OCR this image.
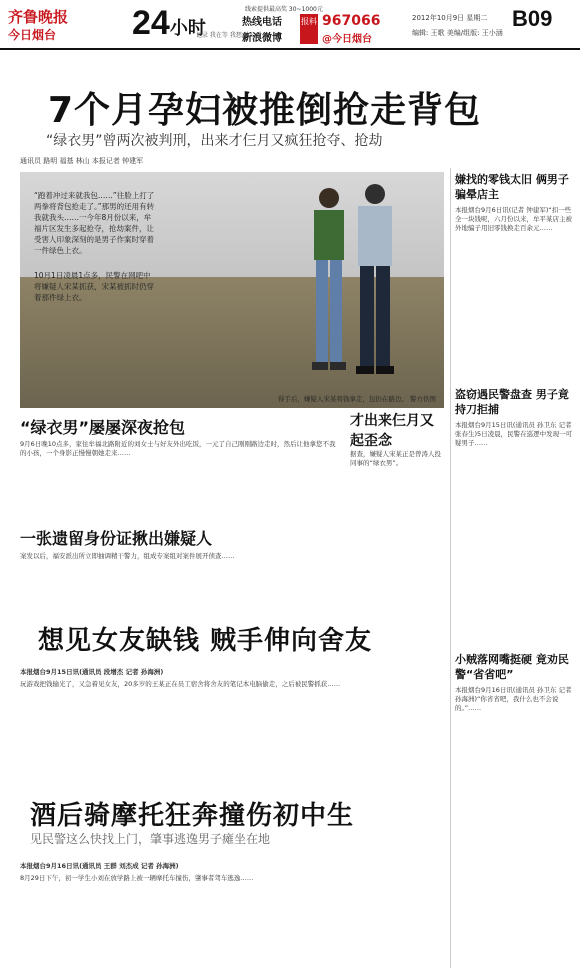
齐鲁晚报
今日烟台 24小时
记录 我在等 我想 放心看
线索提供最高奖 30~1000元
热线电话
新浪微博
报料 967066
@今日烟台
2012年10月9日 星期二
编辑: 王歌 美编/组版: 王小涵
B09
7个月孕妇被推倒抢走背包
“绿衣男”曾两次被判刑，出来才仨月又疯狂抢夺、抢劫
通讯员 路明 福基 林山 本报记者 钟建军
“跑着冲过来就我包……”往脸上打了两拳将背包抢走了。”那男的还用有转我就我头……一今年8月份以来，牟福片区发生多起抢夺，抢劫案件，让受害人印象深刻的是男子作案时穿着一件绿色上衣。
10月1日凌晨1点多，民警在网吧中将嫌疑人宋某抓获，宋某被抓时仍穿着那件绿上衣。
得手后，嫌疑人宋某将钱拿走，包扔在路边。 警方供图
嫌找的零钱太旧 俩男子骗晕店主
本报烟台9月6日讯(记者 钟建军)“扣一些全一块钱呢，六月份以来，牟平某店主被外地骗子用旧零钱换走百余元……
盗窃遇民警盘查 男子竟持刀拒捕
本报烟台9月15日讯(通讯员 孙卫东 记者 张春生)5日凌晨，民警在巡逻中发现一可疑男子……
小贼落网嘴挺硬 竟劝民警“省省吧”
本报烟台9月16日讯(通讯员 孙卫东 记者 孙海洲)“你省省吧，我什么也不会说的。”……
“绿衣男”屡屡深夜抢包
9月6日晚10点多，家住牟福北路附近的刘女士与好友外出吃饭，一元了自己刚刚路边走时，然后让他拿您不我的小孩，一个身影正慢慢朝她走来……
才出来仨月又起歪念
据查，嫌疑人宋某正是曾涛人投同事的“绿衣男”。
一张遗留身份证揪出嫌疑人
案发以后，福安派出所立即抽调精干警力，组成专案组对案件展开侦查……
想见女友缺钱 贼手伸向舍友
本报烟台9月15日讯(通讯员 段增杰 记者 孙海洲)
玩游戏把钱输光了，又急着见女友，20多岁的王某正在员工宿舍将舍友的笔记本电脑偷走，之后被民警抓获……
酒后骑摩托狂奔撞伤初中生
见民警这么快找上门，肇事逃逸男子瘫坐在地
本报烟台9月16日讯(通讯员 王群 刘杰成 记者 孙海洲)
8月29日下午，初一学生小刘在放学路上被一辆摩托车撞伤，肇事者驾车逃逸……
